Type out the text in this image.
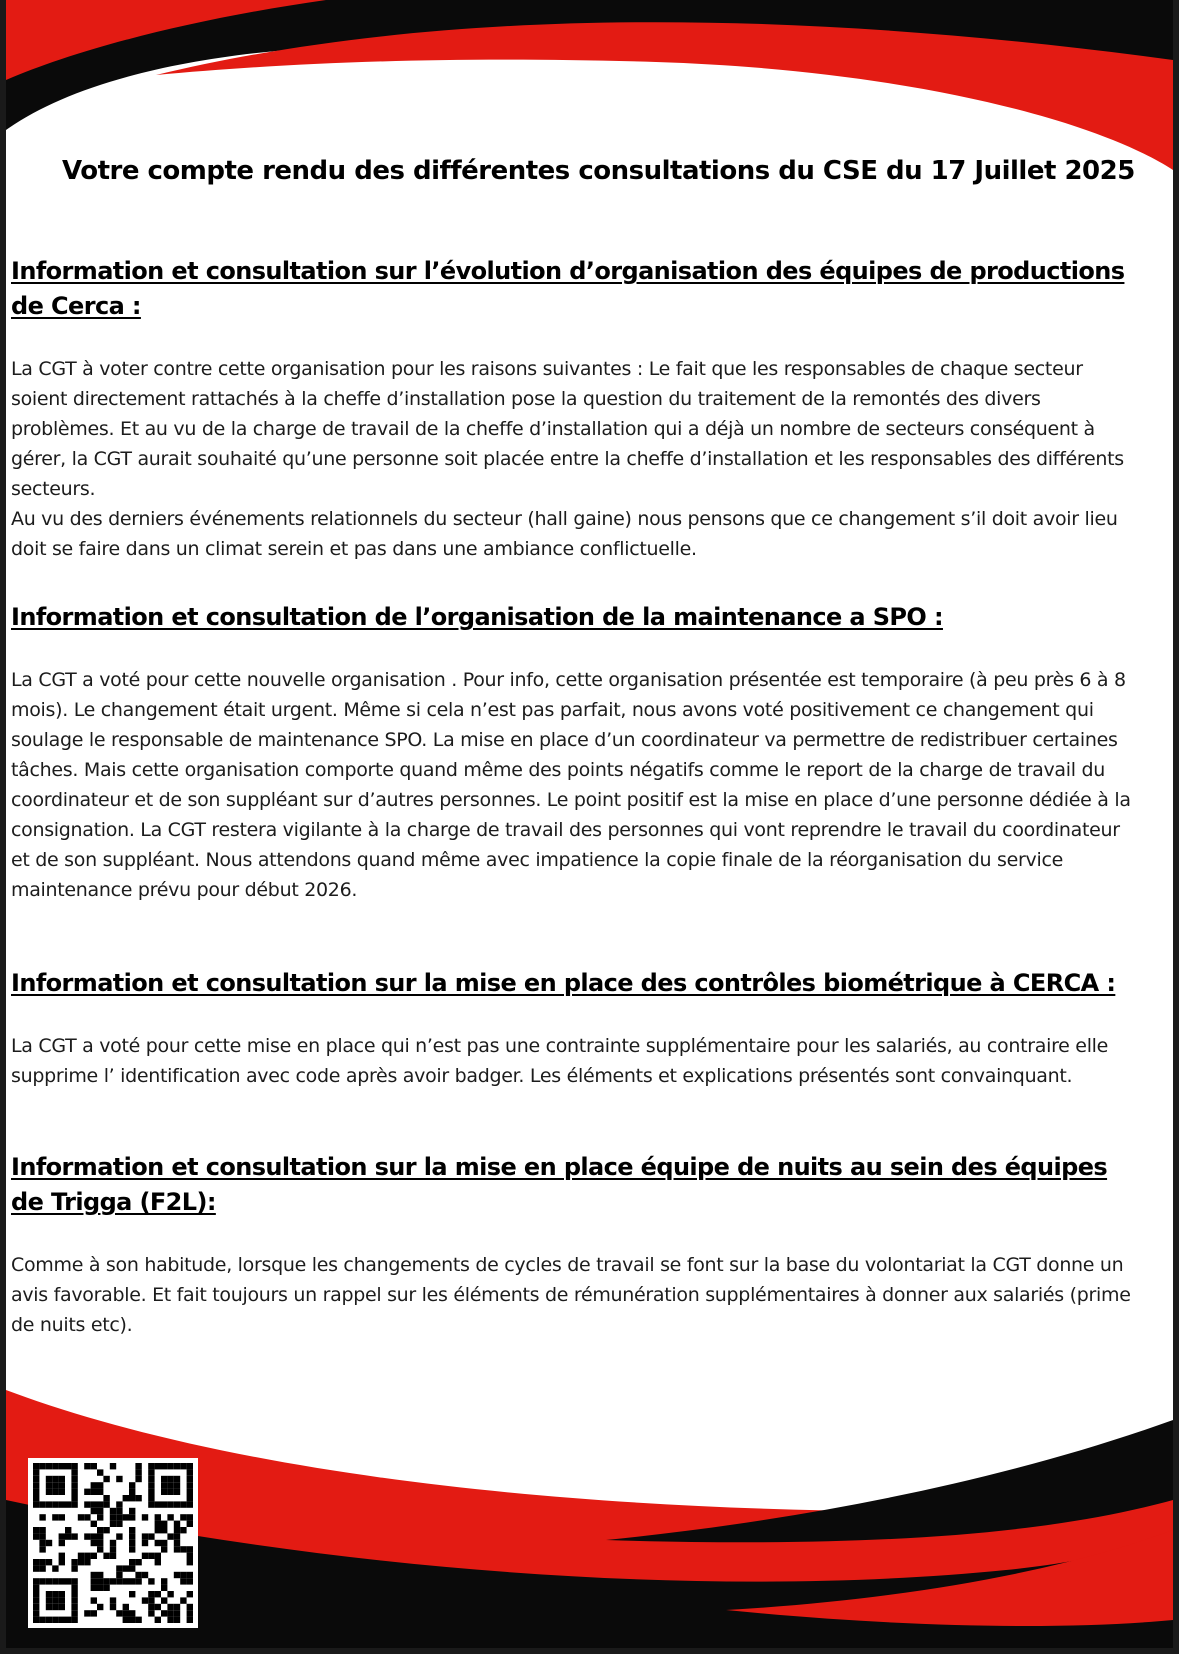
Votre compte rendu des différentes consultations du CSE du 17 Juillet 2025
Information et consultation sur l’évolution d’organisation des équipes de productions de Cerca :

La CGT à voter contre cette organisation pour les raisons suivantes : Le fait que les responsables de chaque secteur soient directement rattachés à la cheffe d’installation pose la question du traitement de la remontés des divers problèmes. Et au vu de la charge de travail de la cheffe d’installation qui a déjà un nombre de secteurs conséquent à gérer, la CGT aurait souhaité qu’une personne soit placée entre la cheffe d’installation et les responsables des différents secteurs.

Au vu des derniers événements relationnels du secteur (hall gaine) nous pensons que ce changement s’il doit avoir lieu doit se faire dans un climat serein et pas dans une ambiance conflictuelle.

Information et consultation de l’organisation de la maintenance a SPO :

La CGT a voté pour cette nouvelle organisation . Pour info, cette organisation présentée est temporaire (à peu près 6 à 8 mois). Le changement était urgent. Même si cela n’est pas parfait, nous avons voté positivement ce changement qui soulage le responsable de maintenance SPO. La mise en place d’un coordinateur va permettre de redistribuer certaines tâches. Mais cette organisation comporte quand même des points négatifs comme le report de la charge de travail du coordinateur et de son suppléant sur d’autres personnes. Le point positif est la mise en place d’une personne dédiée à la consignation. La CGT restera vigilante à la charge de travail des personnes qui vont reprendre le travail du coordinateur et de son suppléant. Nous attendons quand même avec impatience la copie finale de la réorganisation du service maintenance prévu pour début 2026.

Information et consultation sur la mise en place des contrôles biométrique à CERCA :

La CGT a voté pour cette mise en place qui n’est pas une contrainte supplémentaire pour les salariés, au contraire elle supprime l’ identification avec code après avoir badger. Les éléments et explications présentés sont convainquant.

Information et consultation sur la mise en place équipe de nuits au sein des équipes de Trigga (F2L):

Comme à son habitude, lorsque les changements de cycles de travail se font sur la base du volontariat la CGT donne un avis favorable. Et fait toujours un rappel sur les éléments de rémunération supplémentaires à donner aux salariés (prime de nuits etc).
